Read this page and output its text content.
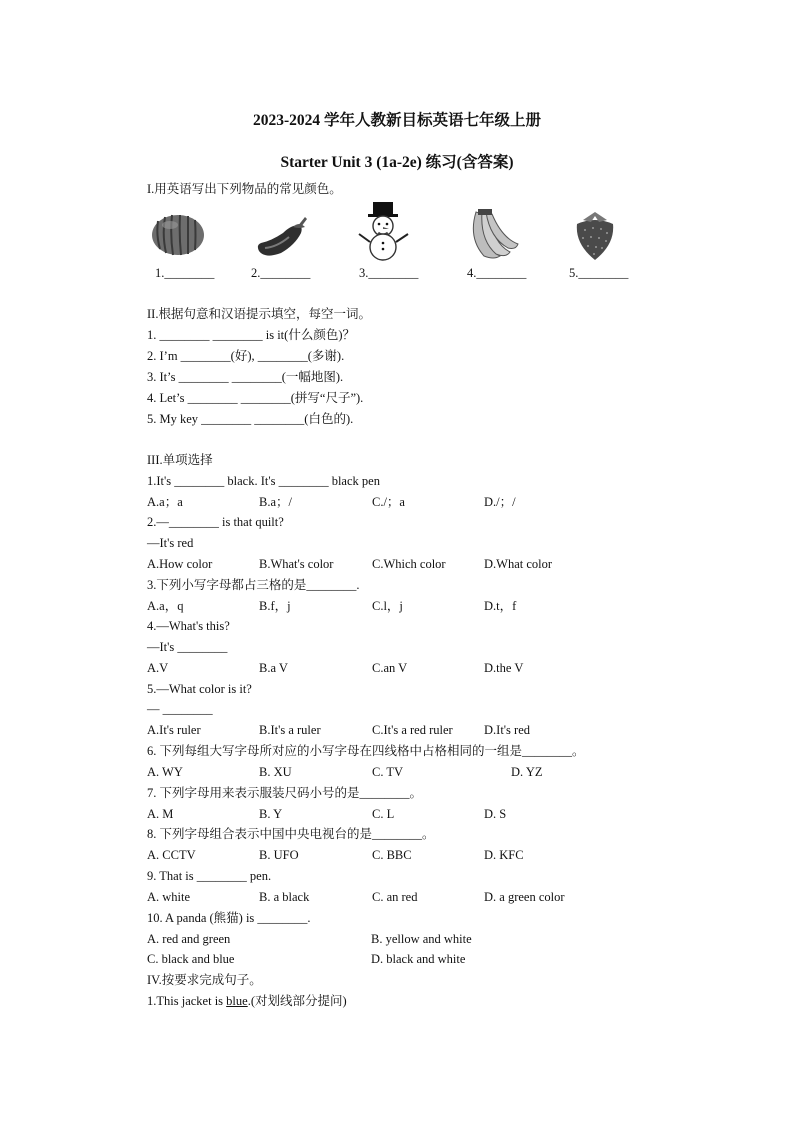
2023-2024 学年人教新目标英语七年级上册
Starter Unit 3 (1a-2e) 练习(含答案)
I.用英语写出下列物品的常见颜色。
1.________	2.________	3.________	4.________	5.________
II.根据句意和汉语提示填空，每空一词。
1. ________ ________ is it(什么颜色)？
2. I’m ________(好), ________(多谢).
3. It’s ________ ________(一幅地图).
4. Let’s ________ ________(拼写“尺子”).
5. My key ________ ________(白色的).
III.单项选择
1.It's ________ black. It's ________ black pen
A.a；a	B.a；/	C./；a	D./；/
2.—________ is that quilt?
—It's red
A.How color	B.What's color	C.Which color	D.What color
3.下列小写字母都占三格的是________.
A.a，q	B.f，j	C.l，j	D.t，f
4.—What's this?
—It's ________
A.V	B.a V	C.an V	D.the V
5.—What color is it?
— ________
A.It's ruler	B.It's a ruler	C.It's a red ruler	D.It's red
6. 下列每组大写字母所对应的小写字母在四线格中占格相同的一组是________。
A. WY	B. XU	C. TV	D. YZ
7. 下列字母用来表示服装尺码小号的是________。
A. M	B. Y	C. L	D. S
8. 下列字母组合表示中国中央电视台的是________。
A. CCTV	B. UFO	C. BBC	D. KFC
9. That is ________ pen.
A. white	B. a black	C. an red	D. a green color
10. A panda (熊猫) is ________.
A. red and green	B. yellow and white
C. black and blue	D. black and white
IV.按要求完成句子。
1.This jacket is blue.(对划线部分提问)
